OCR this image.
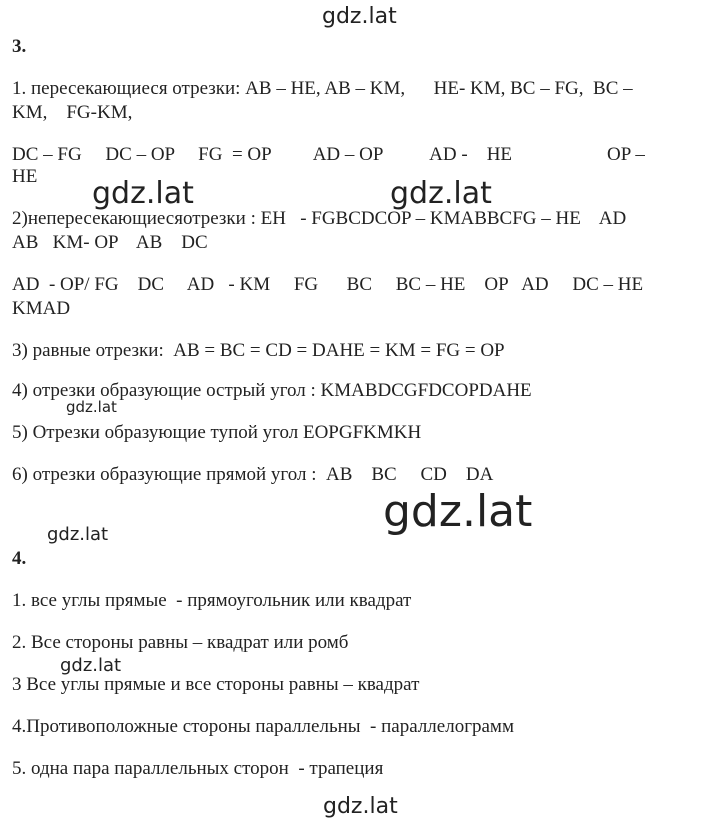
gdz.lat
gdz.lat	gdz.lat
gdz.lat
gdz.lat
gdz.lat
gdz.lat
gdz.lat
3.
1. пересекающиеся отрезки: AB – HE, AB – KM,      HE- KM, BC – FG,  BC –
KM,    FG-KM,
DC – FG     DC – OP     FG  = OP         AD – OP          AD -    HE                    OP –
HE
2)непересекающиесяотрезки : EH   - FGBCDCOP – KMABBCFG – HE    AD
AB   KM- OP    AB    DC
AD  - OP/ FG    DC     AD   - KM     FG      BC     BC – HE    OP   AD     DC – HE
KMAD
3) равные отрезки:  AB = BC = CD = DAHE = KM = FG = OP
4) отрезки образующие острый угол : KMABDCGFDCOPDAHE
5) Отрезки образующие тупой угол EOPGFKMKH
6) отрезки образующие прямой угол :  AB    BC     CD    DA
4.
1. все углы прямые  - прямоугольник или квадрат
2. Все стороны равны – квадрат или ромб
3 Все углы прямые и все стороны равны – квадрат
4.Противоположные стороны параллельны  - параллелограмм
5. одна пара параллельных сторон  - трапеция
